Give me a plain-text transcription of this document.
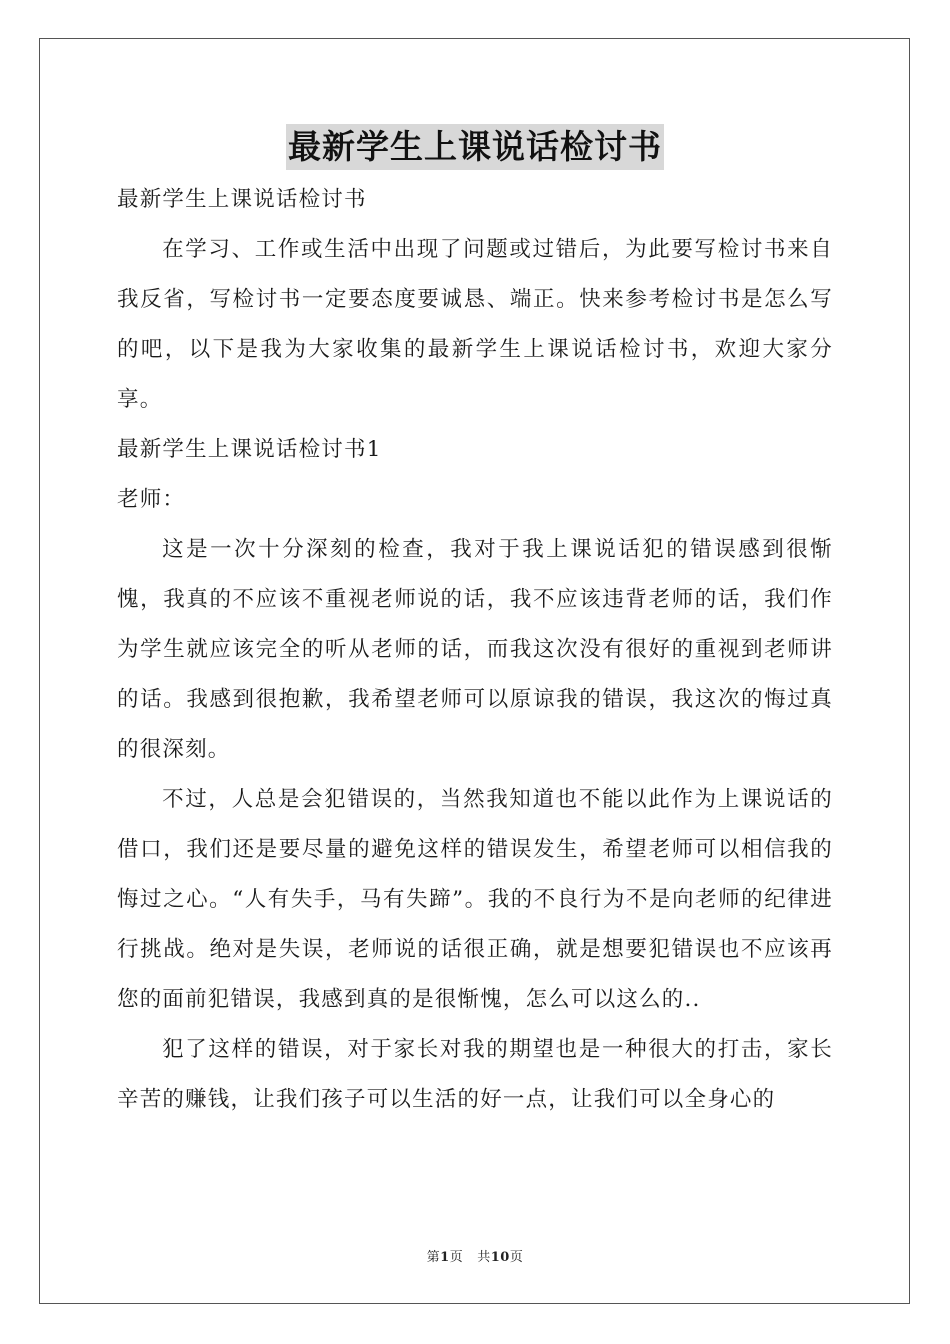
最新学生上课说话检讨书

最新学生上课说话检讨书

在学习、工作或生活中出现了问题或过错后，为此要写检讨书来自我反省，写检讨书一定要态度要诚恳、端正。快来参考检讨书是怎么写的吧，以下是我为大家收集的最新学生上课说话检讨书，欢迎大家分享。

最新学生上课说话检讨书1

老师：

这是一次十分深刻的检查，我对于我上课说话犯的错误感到很惭愧，我真的不应该不重视老师说的话，我不应该违背老师的话，我们作为学生就应该完全的听从老师的话，而我这次没有很好的重视到老师讲的话。我感到很抱歉，我希望老师可以原谅我的错误，我这次的悔过真的很深刻。

不过，人总是会犯错误的，当然我知道也不能以此作为上课说话的借口，我们还是要尽量的避免这样的错误发生，希望老师可以相信我的悔过之心。“人有失手，马有失蹄”。我的不良行为不是向老师的纪律进行挑战。绝对是失误，老师说的话很正确，就是想要犯错误也不应该再您的面前犯错误，我感到真的是很惭愧，怎么可以这么的..

犯了这样的错误，对于家长对我的期望也是一种很大的打击，家长辛苦的赚钱，让我们孩子可以生活的好一点，让我们可以全身心的

第1页 共10页
